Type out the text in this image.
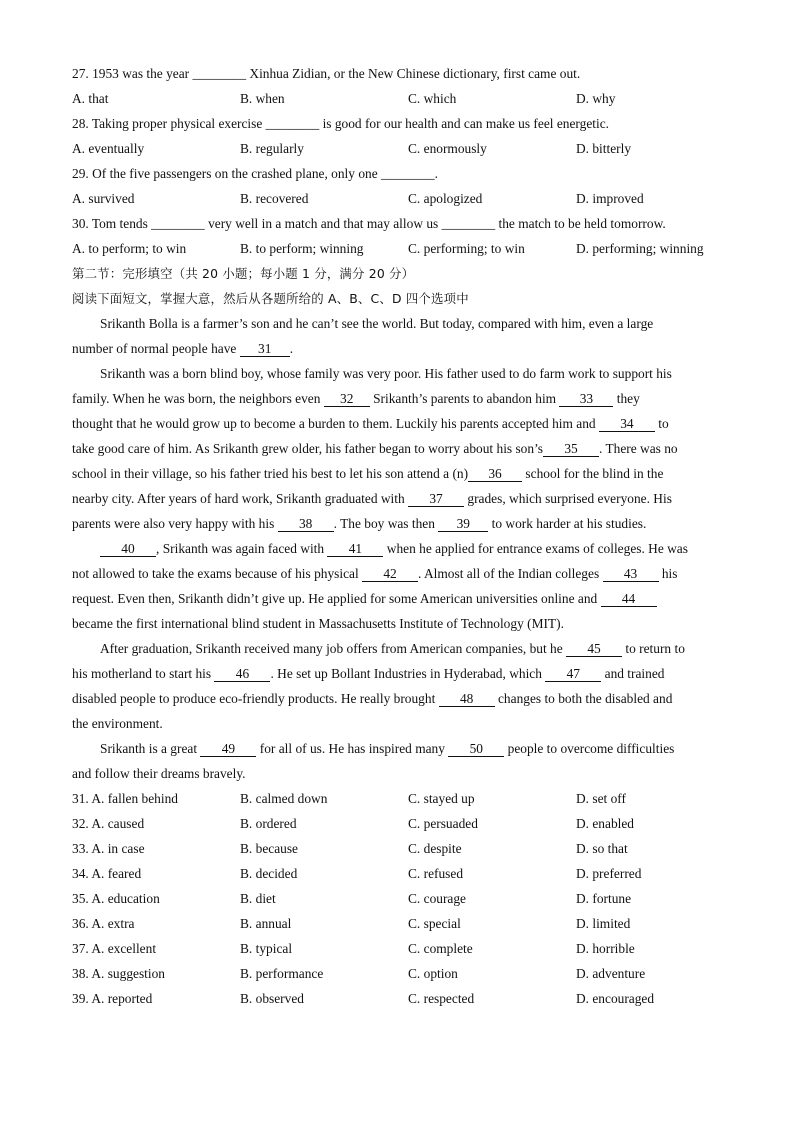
27. 1953 was the year ________ Xinhua Zidian, or the New Chinese dictionary, first came out.
A. that	B. when	C. which	D. why
28. Taking proper physical exercise ________ is good for our health and can make us feel energetic.
A. eventually	B. regularly	C. enormously	D. bitterly
29. Of the five passengers on the crashed plane, only one ________.
A. survived	B. recovered	C. apologized	D. improved
30. Tom tends ________ very well in a match and that may allow us ________ the match to be held tomorrow.
A. to perform; to win	B. to perform; winning	C. performing; to win	D. performing; winning
第二节：完形填空（共 20 小题；每小题 1 分，满分 20 分）
阅读下面短文，掌握大意，然后从各题所给的 A、B、C、D 四个选项中
Srikanth Bolla is a farmer’s son and he can’t see the world. But today, compared with him, even a large
number of normal people have 31 .
Srikanth was a born blind boy, whose family was very poor. His father used to do farm work to support his
family. When he was born, the neighbors even 32 Srikanth’s parents to abandon him 33 they
thought that he would grow up to become a burden to them. Luckily his parents accepted him and 34 to
take good care of him. As Srikanth grew older, his father began to worry about his son’s 35 . There was no
school in their village, so his father tried his best to let his son attend a (n) 36 school for the blind in the
nearby city. After years of hard work, Srikanth graduated with 37 grades, which surprised everyone. His
parents were also very happy with his 38 . The boy was then 39 to work harder at his studies.
40 , Srikanth was again faced with 41 when he applied for entrance exams of colleges. He was
not allowed to take the exams because of his physical 42 . Almost all of the Indian colleges 43 his
request. Even then, Srikanth didn’t give up. He applied for some American universities online and 44
became the first international blind student in Massachusetts Institute of Technology (MIT).
After graduation, Srikanth received many job offers from American companies, but he 45 to return to
his motherland to start his 46 . He set up Bollant Industries in Hyderabad, which 47 and trained
disabled people to produce eco-friendly products. He really brought 48 changes to both the disabled and
the environment.
Srikanth is a great 49 for all of us. He has inspired many 50 people to overcome difficulties
and follow their dreams bravely.
31. A. fallen behind	B. calmed down	C. stayed up	D. set off
32. A. caused	B. ordered	C. persuaded	D. enabled
33. A. in case	B. because	C. despite	D. so that
34. A. feared	B. decided	C. refused	D. preferred
35. A. education	B. diet	C. courage	D. fortune
36. A. extra	B. annual	C. special	D. limited
37. A. excellent	B. typical	C. complete	D. horrible
38. A. suggestion	B. performance	C. option	D. adventure
39. A. reported	B. observed	C. respected	D. encouraged
